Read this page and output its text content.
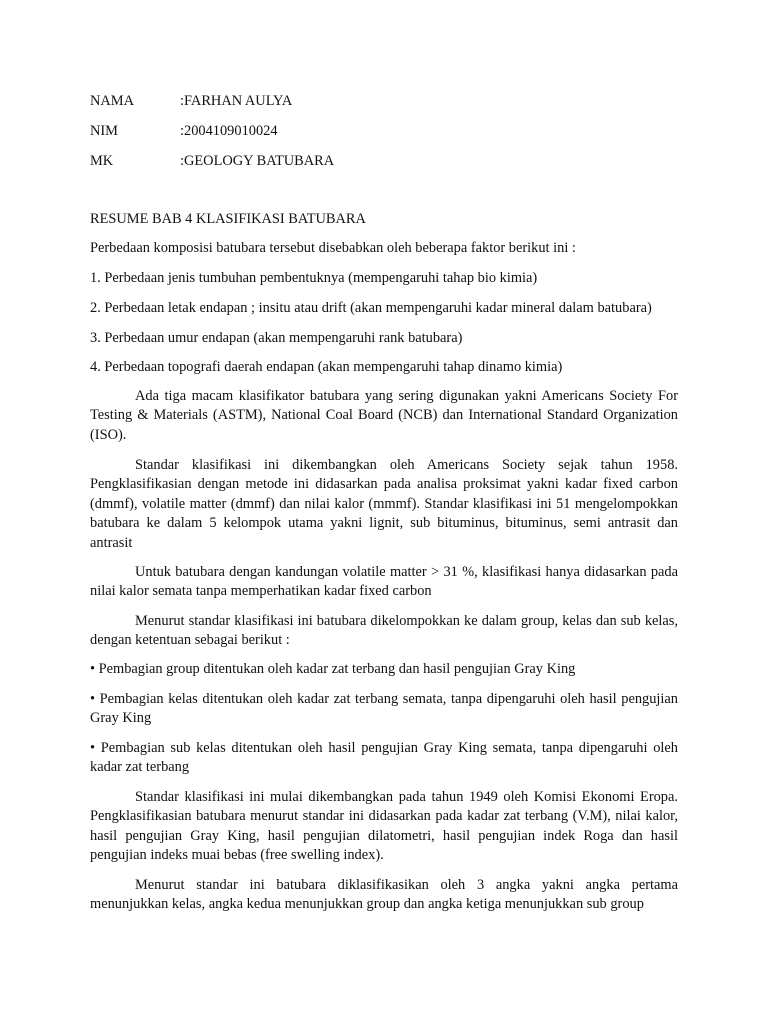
NAMA	:FARHAN AULYA
NIM	:2004109010024
MK	:GEOLOGY BATUBARA
RESUME BAB 4 KLASIFIKASI BATUBARA
Perbedaan komposisi batubara tersebut disebabkan oleh beberapa faktor berikut ini :
1. Perbedaan jenis tumbuhan pembentuknya (mempengaruhi tahap bio kimia)
2. Perbedaan letak endapan ; insitu atau drift (akan mempengaruhi kadar mineral dalam batubara)
3. Perbedaan umur endapan (akan mempengaruhi rank batubara)
4. Perbedaan topografi daerah endapan (akan mempengaruhi tahap dinamo kimia)
Ada tiga macam klasifikator batubara yang sering digunakan yakni Americans Society For Testing & Materials (ASTM), National Coal Board (NCB) dan International Standard Organization (ISO).
Standar klasifikasi ini dikembangkan oleh Americans Society sejak tahun 1958. Pengklasifikasian dengan metode ini didasarkan pada analisa proksimat yakni kadar fixed carbon (dmmf), volatile matter (dmmf) dan nilai kalor (mmmf). Standar klasifikasi ini 51 mengelompokkan batubara ke dalam 5 kelompok utama yakni lignit, sub bituminus, bituminus, semi antrasit dan antrasit
Untuk batubara dengan kandungan volatile matter > 31 %, klasifikasi hanya didasarkan pada nilai kalor semata tanpa memperhatikan kadar fixed carbon
Menurut standar klasifikasi ini batubara dikelompokkan ke dalam group, kelas dan sub kelas, dengan ketentuan sebagai berikut :
• Pembagian group ditentukan oleh kadar zat terbang dan hasil pengujian Gray King
• Pembagian kelas ditentukan oleh kadar zat terbang semata, tanpa dipengaruhi oleh hasil pengujian Gray King
• Pembagian sub kelas ditentukan oleh hasil pengujian Gray King semata, tanpa dipengaruhi oleh kadar zat terbang
Standar klasifikasi ini mulai dikembangkan pada tahun 1949 oleh Komisi Ekonomi Eropa. Pengklasifikasian batubara menurut standar ini didasarkan pada kadar zat terbang (V.M), nilai kalor, hasil pengujian Gray King, hasil pengujian dilatometri, hasil pengujian indek Roga dan hasil pengujian indeks muai bebas (free swelling index).
Menurut standar ini batubara diklasifikasikan oleh 3 angka yakni angka pertama menunjukkan kelas, angka kedua menunjukkan group dan angka ketiga menunjukkan sub group
